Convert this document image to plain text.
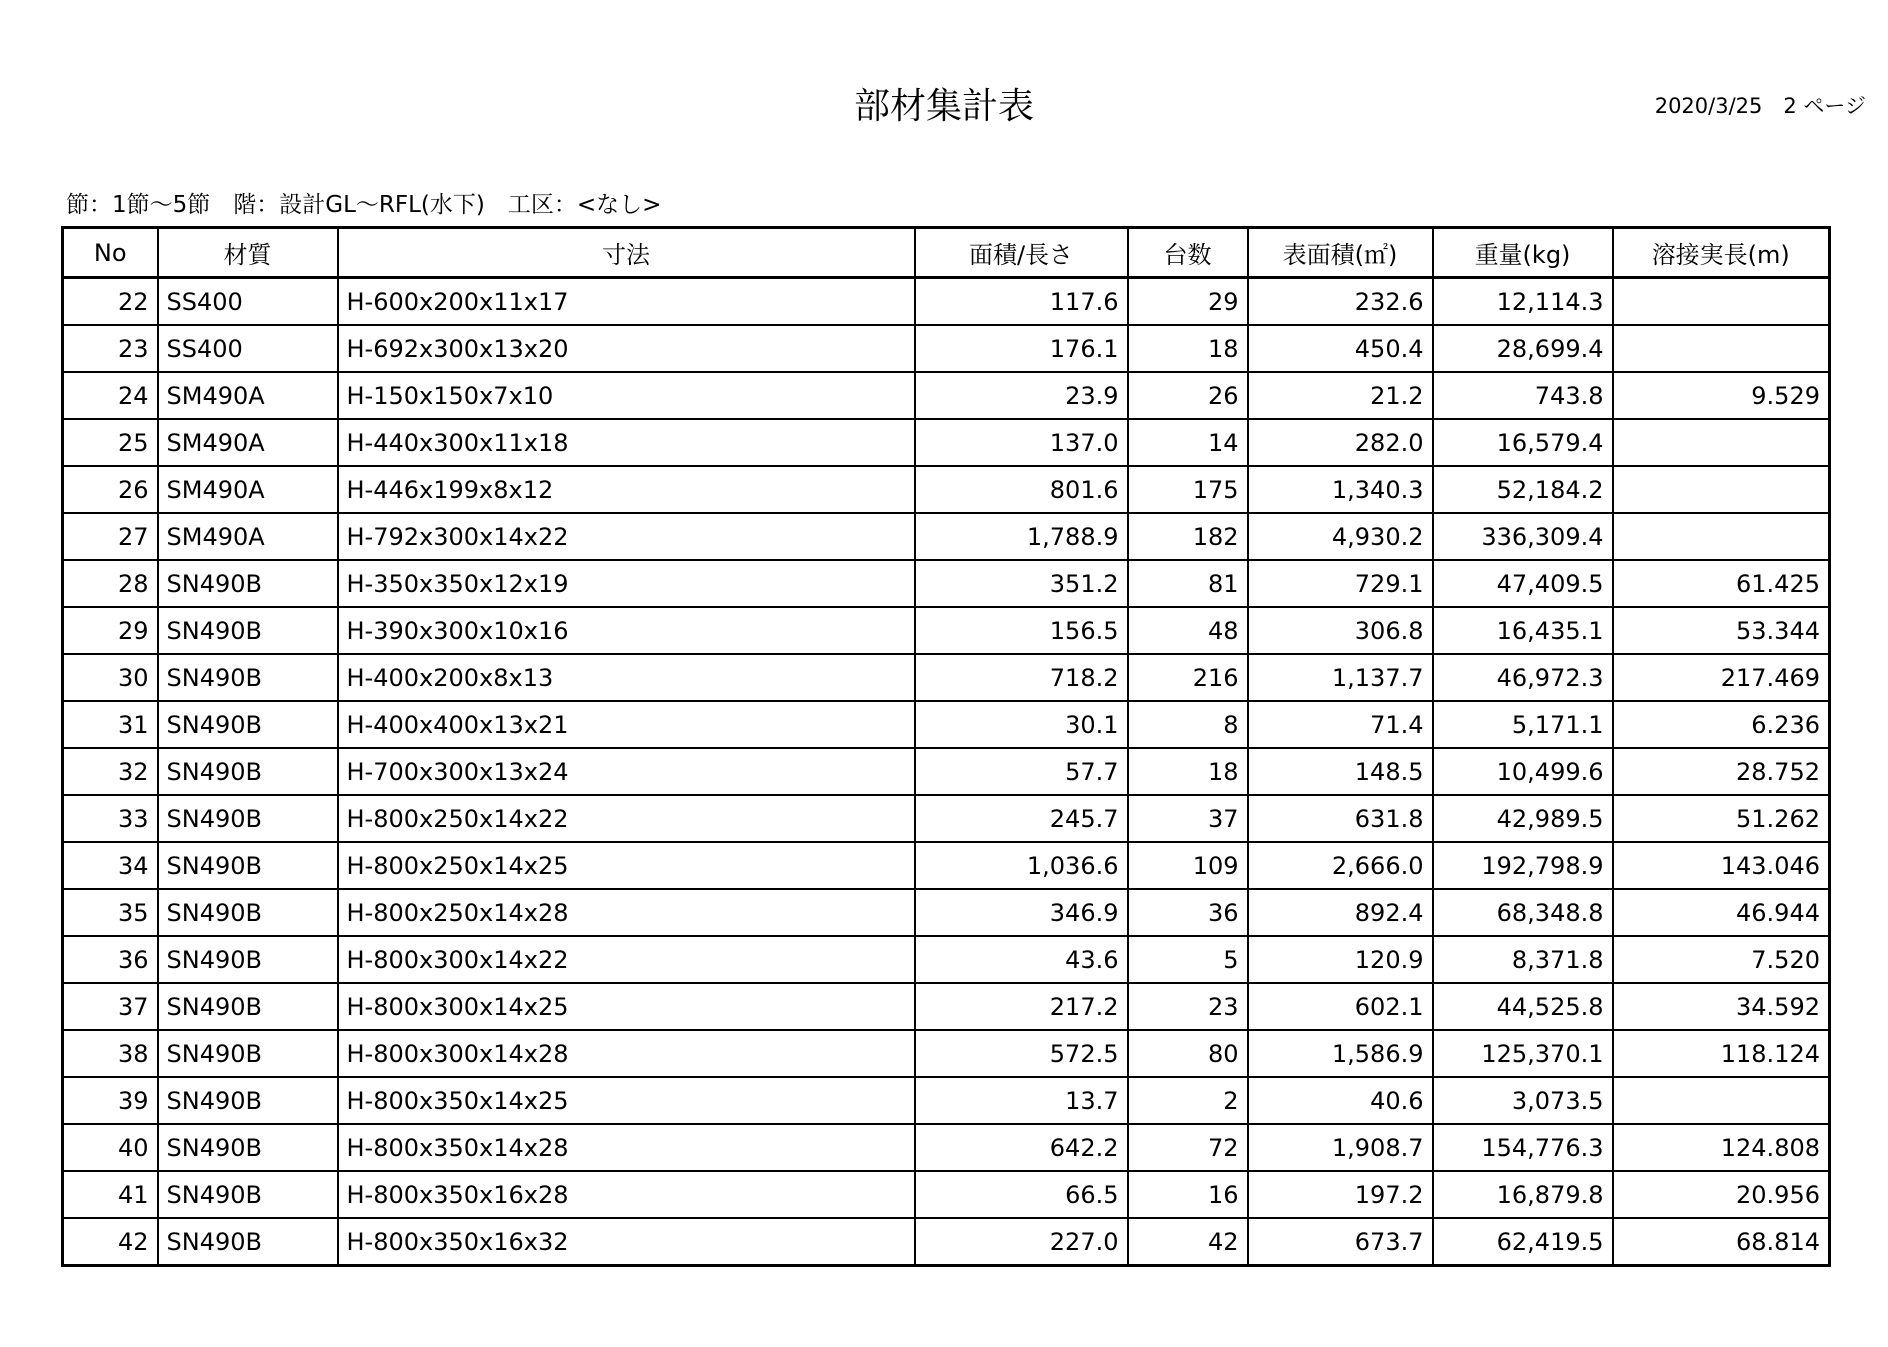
部材集計表	2020/3/25　2 ページ
節：1節～5節　階：設計GL～RFL(水下)　工区：<なし>
No	材質	寸法	面積/長さ	台数	表面積(㎡)	重量(kg)	溶接実長(m)
22	SS400	H-600x200x11x17	117.6	29	232.6	12,114.3	
23	SS400	H-692x300x13x20	176.1	18	450.4	28,699.4	
24	SM490A	H-150x150x7x10	23.9	26	21.2	743.8	9.529
25	SM490A	H-440x300x11x18	137.0	14	282.0	16,579.4	
26	SM490A	H-446x199x8x12	801.6	175	1,340.3	52,184.2	
27	SM490A	H-792x300x14x22	1,788.9	182	4,930.2	336,309.4	
28	SN490B	H-350x350x12x19	351.2	81	729.1	47,409.5	61.425
29	SN490B	H-390x300x10x16	156.5	48	306.8	16,435.1	53.344
30	SN490B	H-400x200x8x13	718.2	216	1,137.7	46,972.3	217.469
31	SN490B	H-400x400x13x21	30.1	8	71.4	5,171.1	6.236
32	SN490B	H-700x300x13x24	57.7	18	148.5	10,499.6	28.752
33	SN490B	H-800x250x14x22	245.7	37	631.8	42,989.5	51.262
34	SN490B	H-800x250x14x25	1,036.6	109	2,666.0	192,798.9	143.046
35	SN490B	H-800x250x14x28	346.9	36	892.4	68,348.8	46.944
36	SN490B	H-800x300x14x22	43.6	5	120.9	8,371.8	7.520
37	SN490B	H-800x300x14x25	217.2	23	602.1	44,525.8	34.592
38	SN490B	H-800x300x14x28	572.5	80	1,586.9	125,370.1	118.124
39	SN490B	H-800x350x14x25	13.7	2	40.6	3,073.5	
40	SN490B	H-800x350x14x28	642.2	72	1,908.7	154,776.3	124.808
41	SN490B	H-800x350x16x28	66.5	16	197.2	16,879.8	20.956
42	SN490B	H-800x350x16x32	227.0	42	673.7	62,419.5	68.814
